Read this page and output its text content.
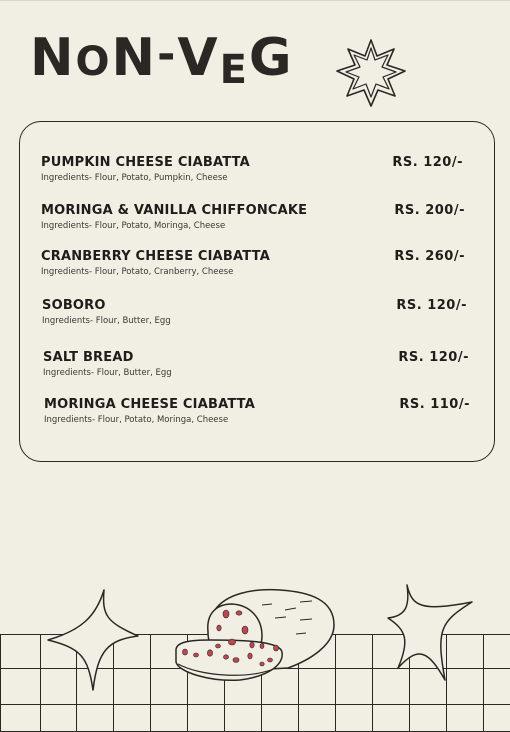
NON-VEG
PUMPKIN CHEESE CIABATTA
Ingredients- Flour, Potato, Pumpkin, Cheese
RS. 120/-
MORINGA & VANILLA CHIFFONCAKE
Ingredients- Flour, Potato, Moringa, Cheese
RS. 200/-
CRANBERRY CHEESE CIABATTA
Ingredients- Flour, Potato, Cranberry, Cheese
RS. 260/-
SOBORO
Ingredients- Flour, Butter, Egg
RS. 120/-
SALT BREAD
Ingredients- Flour, Butter, Egg
RS. 120/-
MORINGA CHEESE CIABATTA
Ingredients- Flour, Potato, Moringa, Cheese
RS. 110/-
